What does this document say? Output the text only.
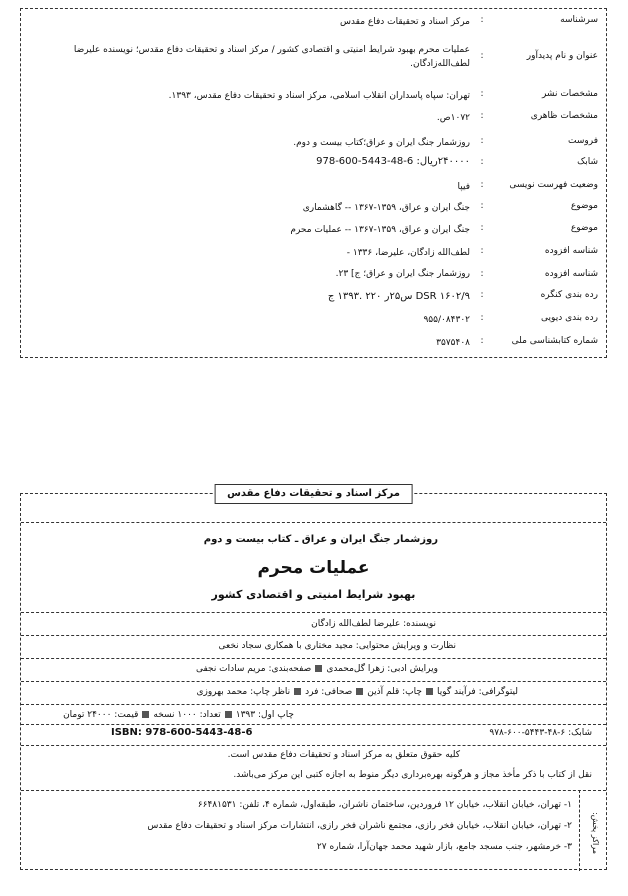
سرشناسه
:
مرکز اسناد و تحقیقات دفاع مقدس
عنوان و نام پدیدآور
:
عملیات محرم بهبود شرایط امنیتی و اقتصادی کشور / مرکز اسناد و تحقیقات دفاع مقدس؛ نویسنده علیرضا لطف‌الله‌زادگان.
مشخصات نشر
:
تهران: سپاه پاسداران انقلاب اسلامی، مرکز اسناد و تحقیقات دفاع مقدس، ۱۳۹۳.
مشخصات ظاهری
:
۱۰۷۲ص.
فروست
:
روزشمار جنگ ایران و عراق؛کتاب بیست و دوم.
شابک
:
۲۴۰۰۰۰ریال: 6-48-5443-600-978
وضعیت فهرست نویسی
:
فیپا
موضوع
:
جنگ ایران و عراق، ۱۳۵۹-۱۳۶۷ -- گاهشماری
موضوع
:
جنگ ایران و عراق، ۱۳۵۹-۱۳۶۷ -- عملیات محرم
شناسه افزوده
:
لطف‌الله زادگان، علیرضا، ۱۳۳۶ -
شناسه افزوده
:
روزشمار جنگ ایران و عراق؛ ج] ۲۳.
رده بندی کنگره
:
DSR ۱۶۰۲/۹ س۲۵ر ۲۲۰ .۱۳۹۳ ج
رده بندی دیویی
:
۹۵۵/۰۸۴۳۰۲
شماره کتابشناسی ملی
:
۳۵۷۵۴۰۸
مرکز اسناد و تحقیقات دفاع مقدس
روزشمار جنگ ایران و عراق ـ کتاب بیست و دوم
عملیات محرم
بهبود شرایط امنیتی و اقتصادی کشور
نویسنده: علیرضا لطف‌الله زادگان
نظارت و ویرایش محتوایی: مجید مختاری با همکاری سجاد نخعی
ویرایش ادبی: زهرا گل‌محمدیصفحه‌بندی: مریم سادات نجفی
لیتوگرافی: فرآیند گویاچاپ: قلم آذینصحافی: فردناظر چاپ: محمد بهروزی
چاپ اول: ۱۳۹۳تعداد: ۱۰۰۰ نسخهقیمت: ۲۴۰۰۰ تومان
شابک: ۶-۴۸-۵۴۴۳-۶۰۰-۹۷۸
ISBN: 978-600-5443-48-6
کلیه حقوق متعلق به مرکز اسناد و تحقیقات دفاع مقدس است.
نقل از کتاب با ذکر مأخذ مجاز و هرگونه بهره‌برداری دیگر منوط به اجازه کتبی این مرکز می‌باشد.
مراکز پخش:
۱- تهران، خیابان انقلاب، خیابان ۱۲ فروردین، ساختمان ناشران، طبقه‌اول، شماره ۴، تلفن: ۶۶۴۸۱۵۳۱
۲- تهران، خیابان انقلاب، خیابان فخر رازی، مجتمع ناشران فخر رازی، انتشارات مرکز اسناد و تحقیقات دفاع مقدس
۳- خرمشهر، جنب مسجد جامع، بازار شهید محمد جهان‌آرا، شماره ۲۷
